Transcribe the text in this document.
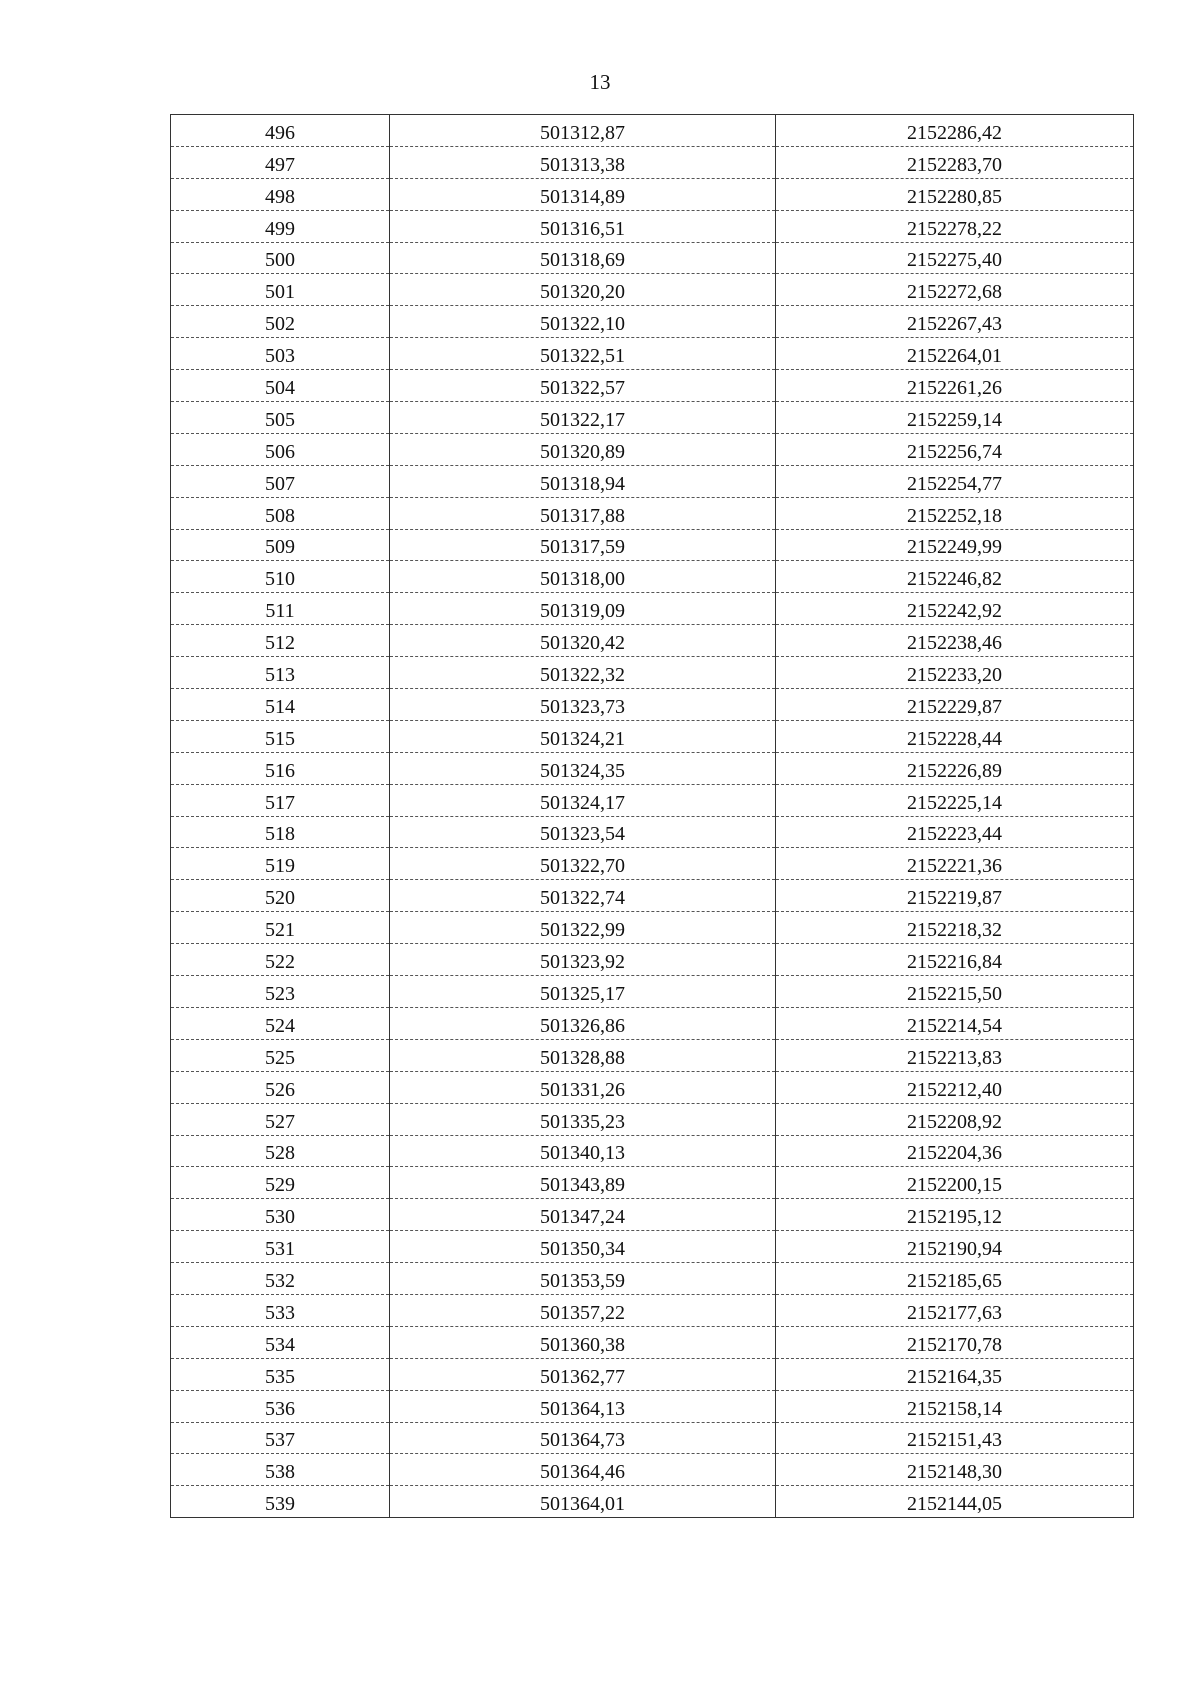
13
496	501312,87	2152286,42
497	501313,38	2152283,70
498	501314,89	2152280,85
499	501316,51	2152278,22
500	501318,69	2152275,40
501	501320,20	2152272,68
502	501322,10	2152267,43
503	501322,51	2152264,01
504	501322,57	2152261,26
505	501322,17	2152259,14
506	501320,89	2152256,74
507	501318,94	2152254,77
508	501317,88	2152252,18
509	501317,59	2152249,99
510	501318,00	2152246,82
511	501319,09	2152242,92
512	501320,42	2152238,46
513	501322,32	2152233,20
514	501323,73	2152229,87
515	501324,21	2152228,44
516	501324,35	2152226,89
517	501324,17	2152225,14
518	501323,54	2152223,44
519	501322,70	2152221,36
520	501322,74	2152219,87
521	501322,99	2152218,32
522	501323,92	2152216,84
523	501325,17	2152215,50
524	501326,86	2152214,54
525	501328,88	2152213,83
526	501331,26	2152212,40
527	501335,23	2152208,92
528	501340,13	2152204,36
529	501343,89	2152200,15
530	501347,24	2152195,12
531	501350,34	2152190,94
532	501353,59	2152185,65
533	501357,22	2152177,63
534	501360,38	2152170,78
535	501362,77	2152164,35
536	501364,13	2152158,14
537	501364,73	2152151,43
538	501364,46	2152148,30
539	501364,01	2152144,05
